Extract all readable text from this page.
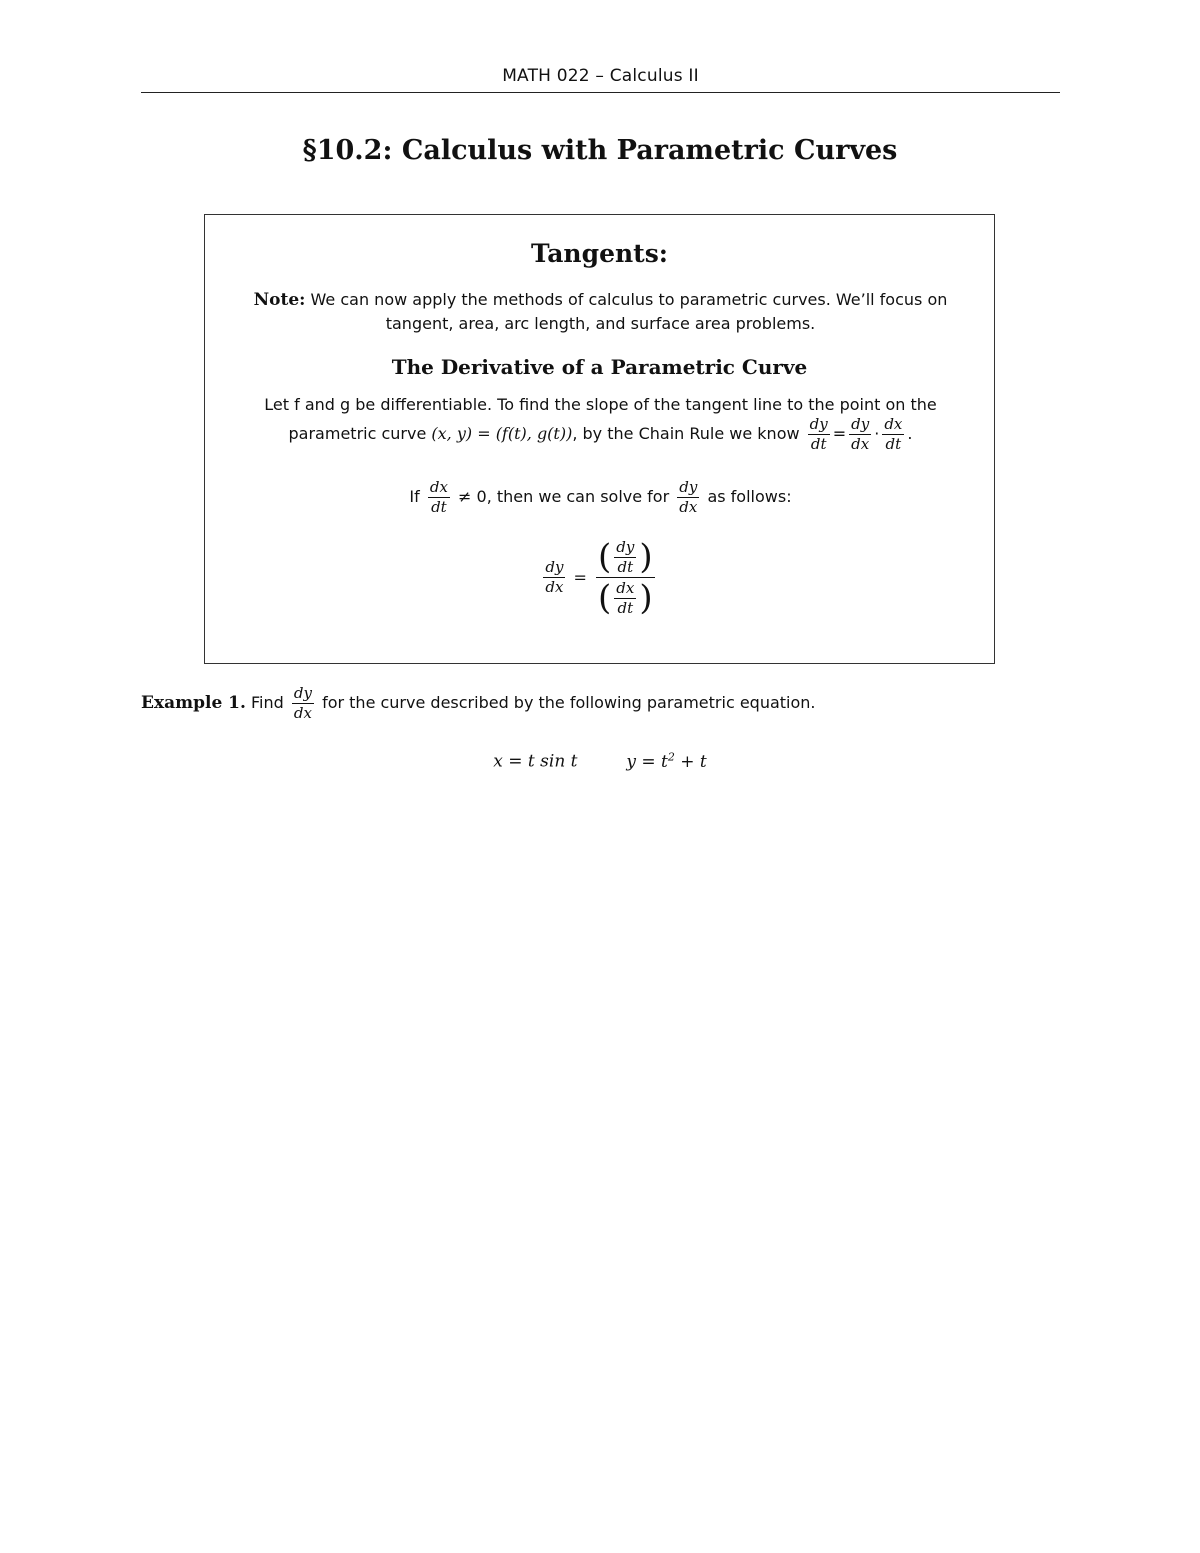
MATH 022 – Calculus II
§10.2: Calculus with Parametric Curves
Tangents:
Note: We can now apply the methods of calculus to parametric curves. We’ll focus on tangent, area, arc length, and surface area problems.
The Derivative of a Parametric Curve
Let f and g be differentiable. To find the slope of the tangent line to the point on the
parametric curve (x, y) = (f(t), g(t)), by the Chain Rule we know $\frac{dy}{dt} = \frac{dy}{dx} \cdot \frac{dx}{dt}$ .
If $\frac{dx}{dt} \ne 0$, then we can solve for $\frac{dy}{dx}$ as follows:
$\frac{dy}{dx}$ =
( $\frac{dy}{dt}$ )
( $\frac{dx}{dt}$ )
Example 1. Find $\frac{dy}{dx}$ for the curve described by the following parametric equation.
x = t sin t	$y = t^2 + t$
